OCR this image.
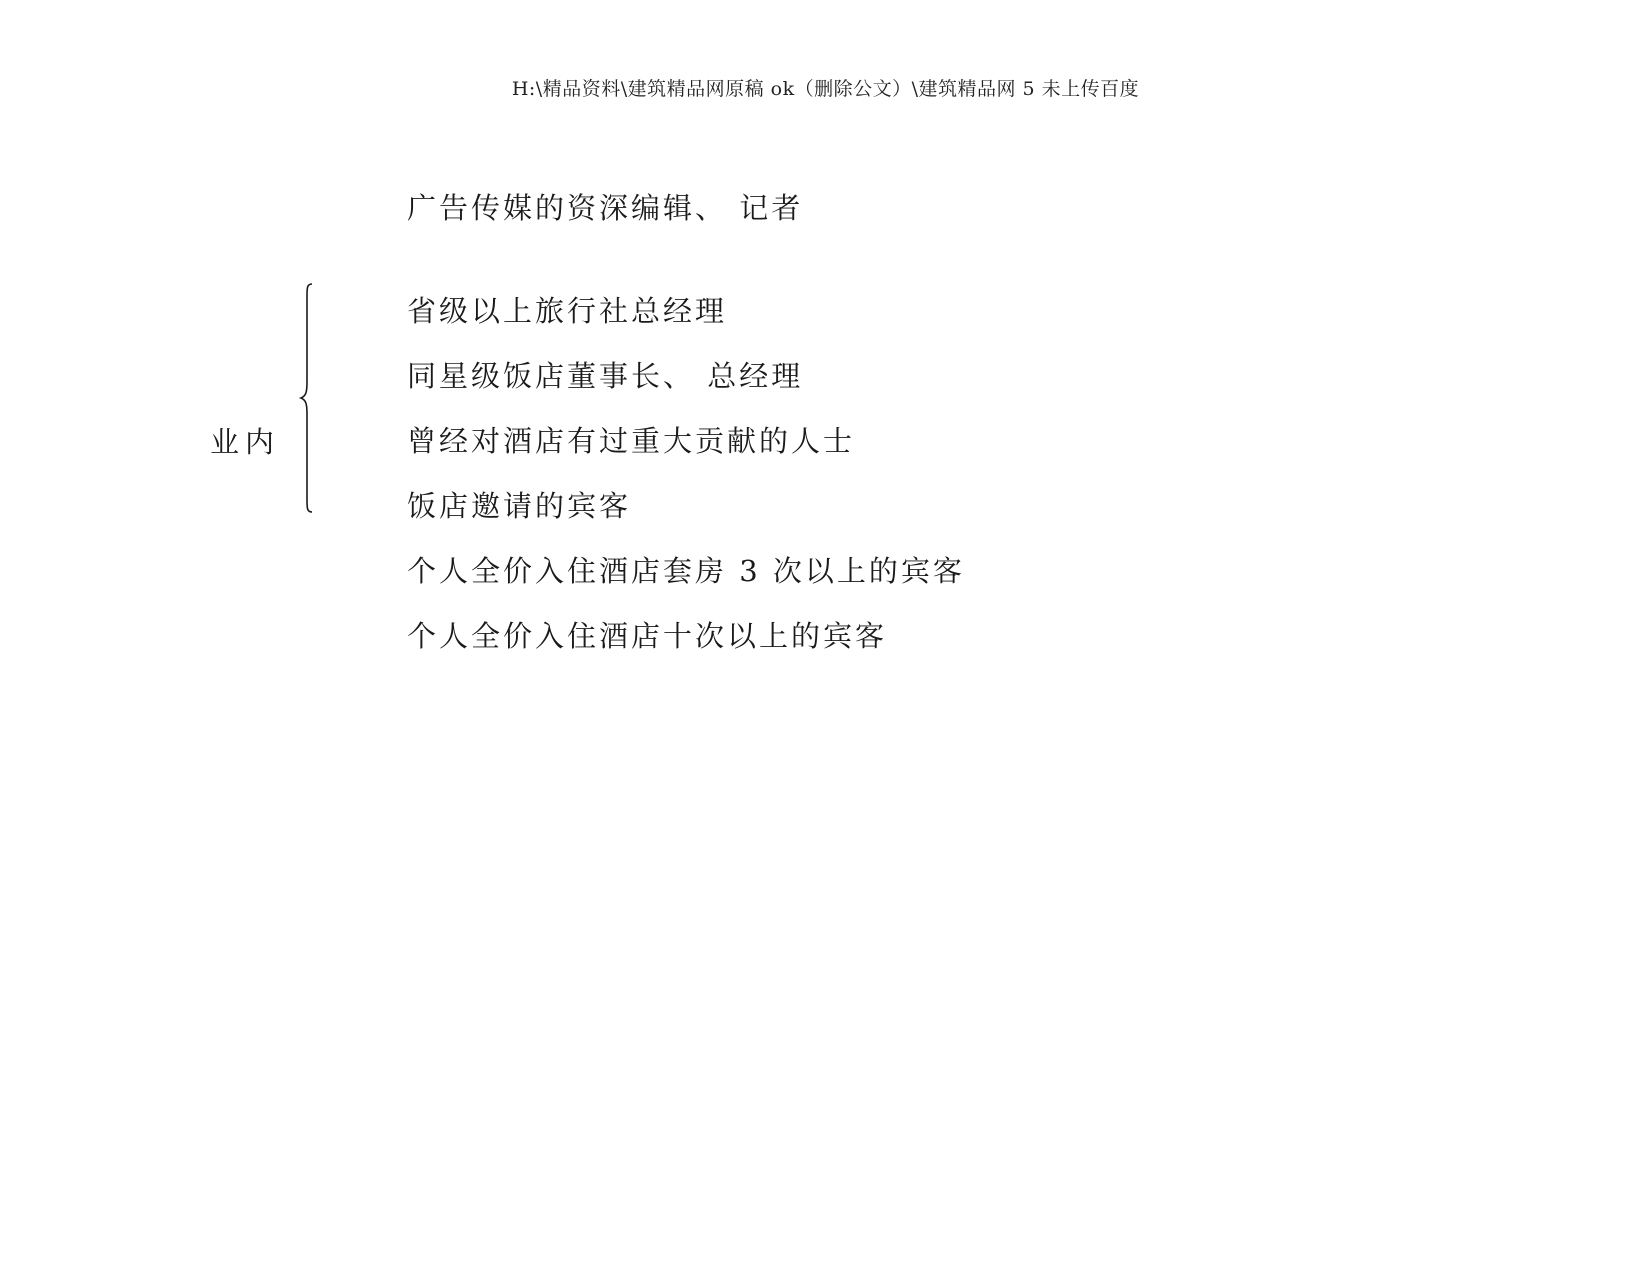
H:\精品资料\建筑精品网原稿 ok（删除公文）\建筑精品网 5 未上传百度
广告传媒的资深编辑、 记者
业内
省级以上旅行社总经理
同星级饭店董事长、 总经理
曾经对酒店有过重大贡献的人士
饭店邀请的宾客
个人全价入住酒店套房 3 次以上的宾客
个人全价入住酒店十次以上的宾客
